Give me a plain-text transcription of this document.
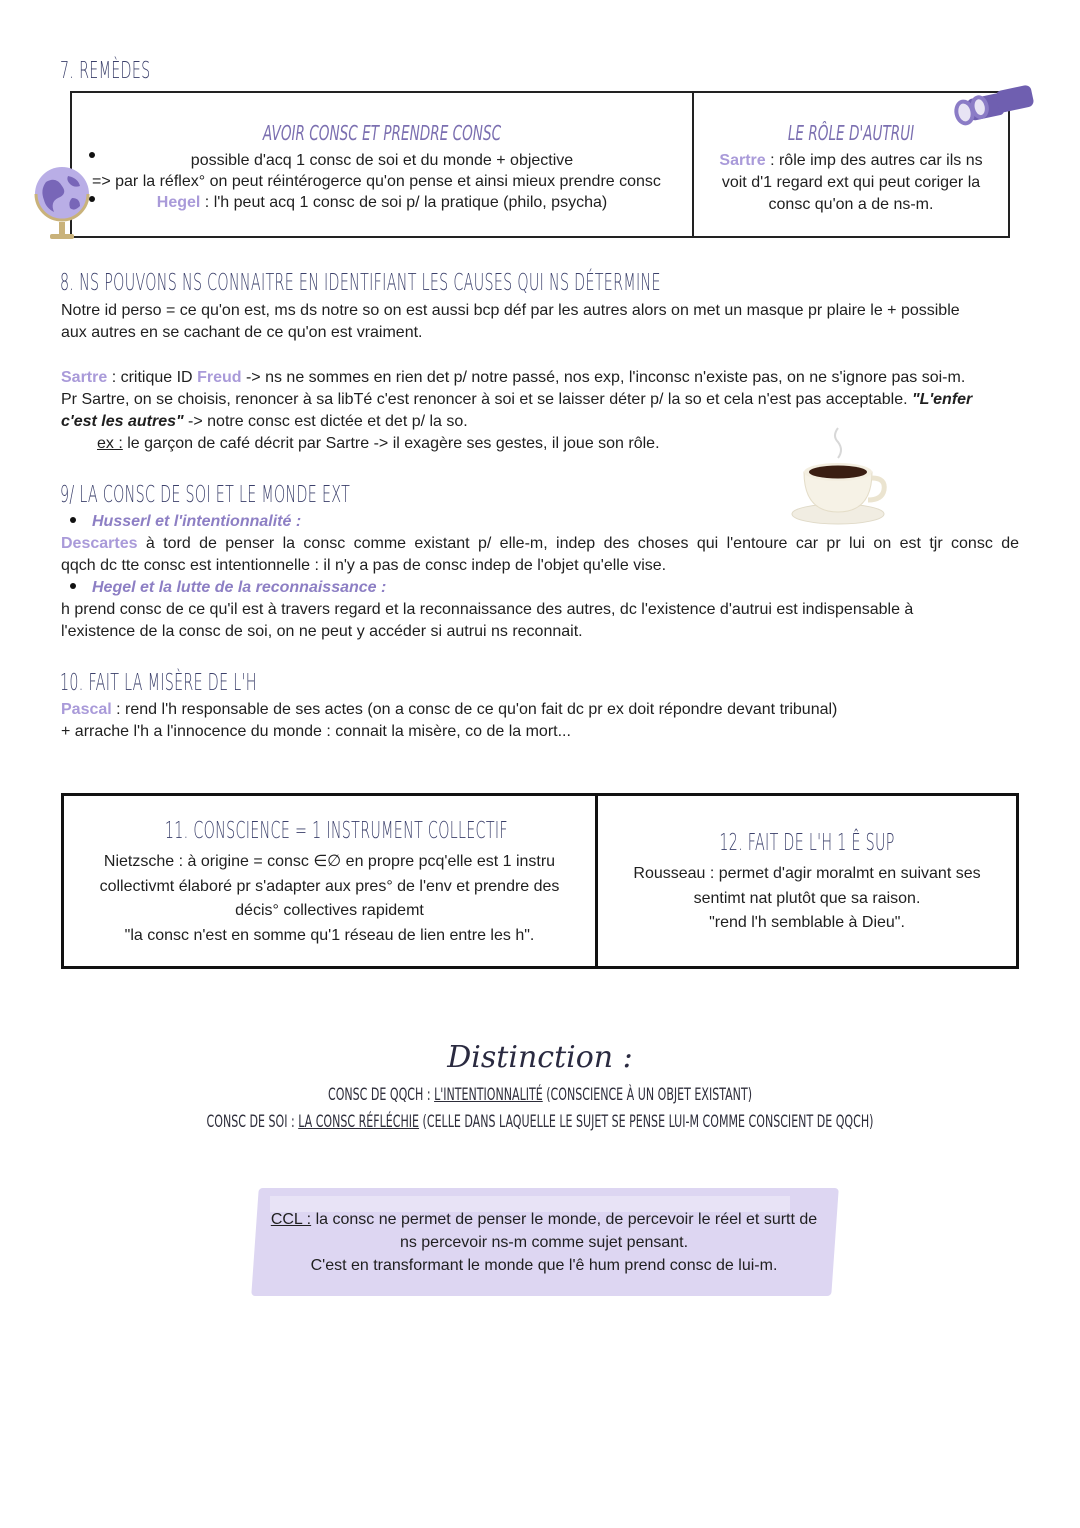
7. REMÈDES
AVOIR CONSC ET PRENDRE CONSC
possible d'acq 1 consc de soi et du monde + objective
=> par la réflex° on peut réintérogerce qu'on pense et ainsi mieux prendre consc
Hegel : l'h peut acq 1 consc de soi p/ la pratique (philo, psycha)
LE RÔLE D'AUTRUI
Sartre : rôle imp des autres car ils ns
voit d'1 regard ext qui peut coriger la
consc qu'on a de ns-m.
8. NS POUVONS NS CONNAITRE EN IDENTIFIANT LES CAUSES QUI NS DÉTERMINE
Notre id perso = ce qu'on est, ms ds notre so on est aussi bcp déf par les autres alors on met un masque pr plaire le + possible
aux autres en se cachant de ce qu'on est vraiment.
Sartre : critique ID Freud -> ns ne sommes en rien det p/ notre passé, nos exp, l'inconsc n'existe pas, on ne s'ignore pas soi-m.
Pr Sartre, on se choisis, renoncer à sa libTé c'est renoncer à soi et se laisser déter p/ la so et cela n'est pas acceptable. "L'enfer
c'est les autres" -> notre consc est dictée et det p/ la so.
ex : le garçon de café décrit par Sartre -> il exagère ses gestes, il joue son rôle.
9/ LA CONSC DE SOI ET LE MONDE EXT
Husserl et l'intentionnalité :
Descartes à tord de penser la consc comme existant p/ elle-m, indep des choses qui l'entoure car pr lui on est tjr consc de
qqch dc tte consc est intentionnelle : il n'y a pas de consc indep de l'objet qu'elle vise.
Hegel et la lutte de la reconnaissance :
h prend consc de ce qu'il est à travers regard et la reconnaissance des autres, dc l'existence d'autrui est indispensable à
l'existence de la consc de soi, on ne peut y accéder si autrui ns reconnait.
10. FAIT LA MISÈRE DE L'H
Pascal : rend l'h responsable de ses actes (on a consc de ce qu'on fait dc pr ex doit répondre devant tribunal)
+ arrache l'h a l'innocence du monde : connait la misère, co de la mort...
11. CONSCIENCE = 1 INSTRUMENT COLLECTIF
Nietzsche : à origine = consc ∈∅ en propre pcq'elle est 1 instru
collectivmt élaboré pr s'adapter aux pres° de l'env et prendre des
décis° collectives rapidemt
"la consc n'est en somme qu'1 réseau de lien entre les h".
12. FAIT DE L'H 1 Ê SUP
Rousseau : permet d'agir moralmt en suivant ses
sentimt nat plutôt que sa raison.
"rend l'h semblable à Dieu".
Distinction :
CONSC DE QQCH : L'INTENTIONNALITÉ (CONSCIENCE À UN OBJET EXISTANT)
CONSC DE SOI : LA CONSC RÉFLÉCHIE (CELLE DANS LAQUELLE LE SUJET SE PENSE LUI-M COMME CONSCIENT DE QQCH)
CCL : la consc ne permet de penser le monde, de percevoir le réel et surtt de
ns percevoir ns-m comme sujet pensant.
C'est en transformant le monde que l'ê hum prend consc de lui-m.
